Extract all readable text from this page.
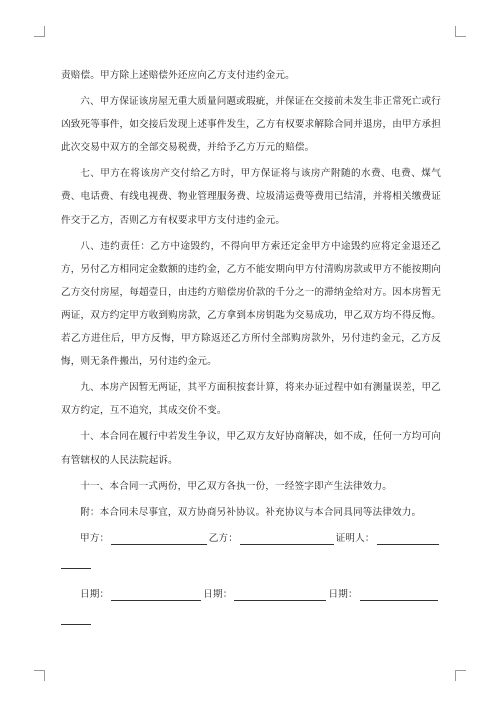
责赔偿。甲方除上述赔偿外还应向乙方支付违约金元。

六、甲方保证该房屋无重大质量问题或瑕疵，并保证在交接前未发生非正常死亡或行凶致死等事件，如交接后发现上述事件发生，乙方有权要求解除合同并退房，由甲方承担此次交易中双方的全部交易税费，并给予乙方万元的赔偿。

七、甲方在将该房产交付给乙方时，甲方保证将与该房产附随的水费、电费、煤气费、电话费、有线电视费、物业管理服务费、垃圾清运费等费用已结清，并将相关缴费证件交于乙方，否则乙方有权要求甲方支付违约金元。

八、违约责任：乙方中途毁约，不得向甲方索还定金甲方中途毁约应将定金退还乙方，另付乙方相同定金数额的违约金，乙方不能安期向甲方付清购房款或甲方不能按期向乙方交付房屋，每超壹日，由违约方赔偿房价款的千分之一的滞纳金给对方。因本房暂无两证，双方约定甲方收到购房款，乙方拿到本房钥匙为交易成功，甲乙双方均不得反悔。若乙方进住后，甲方反悔，甲方除返还乙方所付全部购房款外，另付违约金元，乙方反悔，则无条件搬出，另付违约金元。

九、本房产因暂无两证，其平方面积按套计算，将来办证过程中如有测量误差，甲乙双方约定，互不追究，其成交价不变。

十、本合同在履行中若发生争议，甲乙双方友好协商解决，如不成，任何一方均可向有管辖权的人民法院起诉。

十一、本合同一式两份，甲乙双方各执一份，一经签字即产生法律效力。

附：本合同未尽事宜，双方协商另补协议。补充协议与本合同具同等法律效力。

甲方：	乙方：	证明人：
日期：	日期：	日期：
